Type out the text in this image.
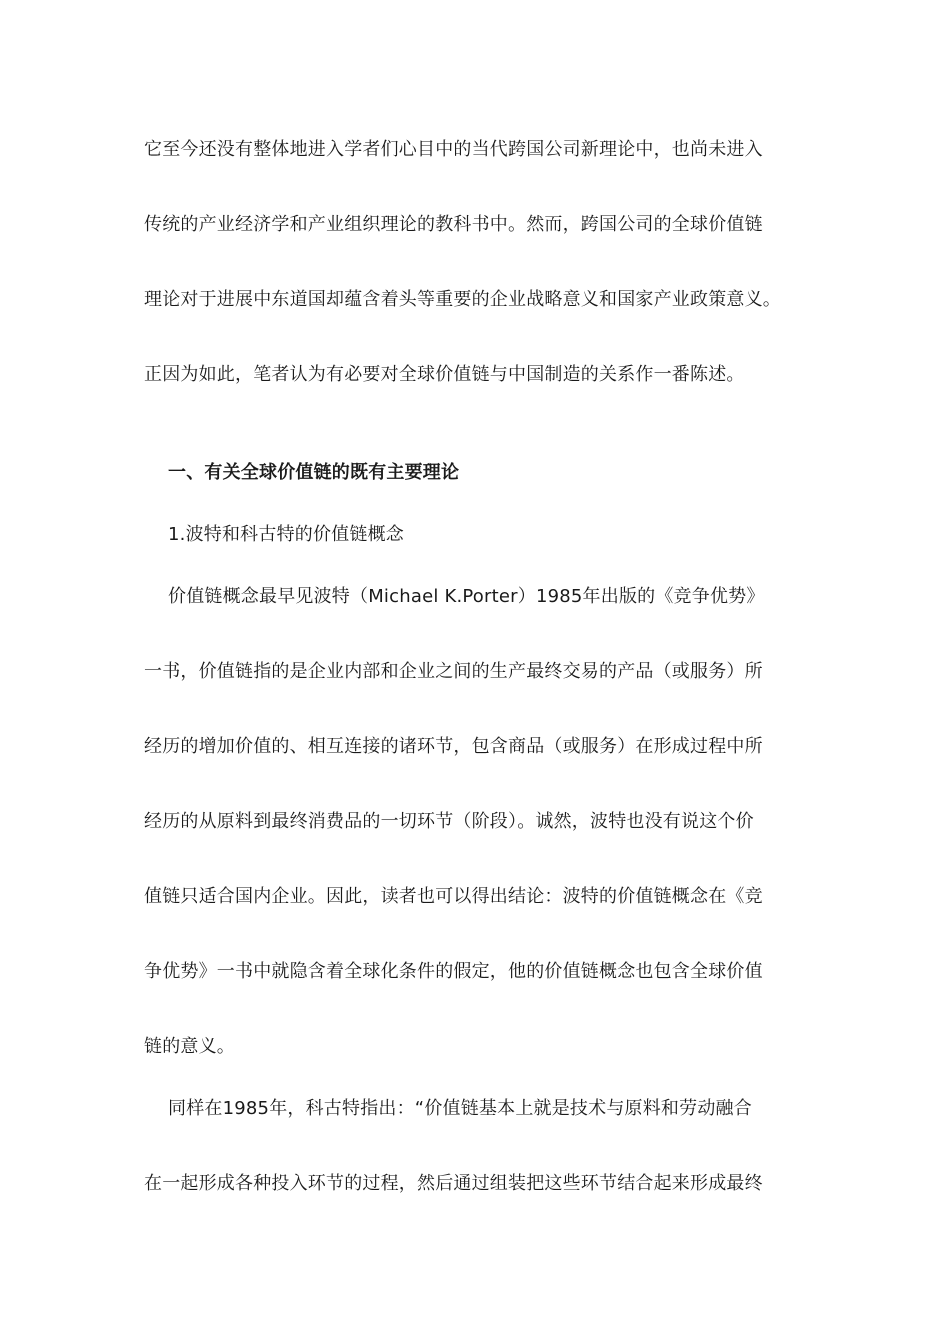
它至今还没有整体地进入学者们心目中的当代跨国公司新理论中，也尚未进入
传统的产业经济学和产业组织理论的教科书中。然而，跨国公司的全球价值链
理论对于进展中东道国却蕴含着头等重要的企业战略意义和国家产业政策意义。
正因为如此，笔者认为有必要对全球价值链与中国制造的关系作一番陈述。
一、有关全球价值链的既有主要理论
1.波特和科古特的价值链概念
价值链概念最早见波特（Michael K.Porter）1985年出版的《竞争优势》
一书，价值链指的是企业内部和企业之间的生产最终交易的产品（或服务）所
经历的增加价值的、相互连接的诸环节，包含商品（或服务）在形成过程中所
经历的从原料到最终消费品的一切环节（阶段）。诚然，波特也没有说这个价
值链只适合国内企业。因此，读者也可以得出结论：波特的价值链概念在《竞
争优势》一书中就隐含着全球化条件的假定，他的价值链概念也包含全球价值
链的意义。
同样在1985年，科古特指出：“价值链基本上就是技术与原料和劳动融合
在一起形成各种投入环节的过程，然后通过组装把这些环节结合起来形成最终
